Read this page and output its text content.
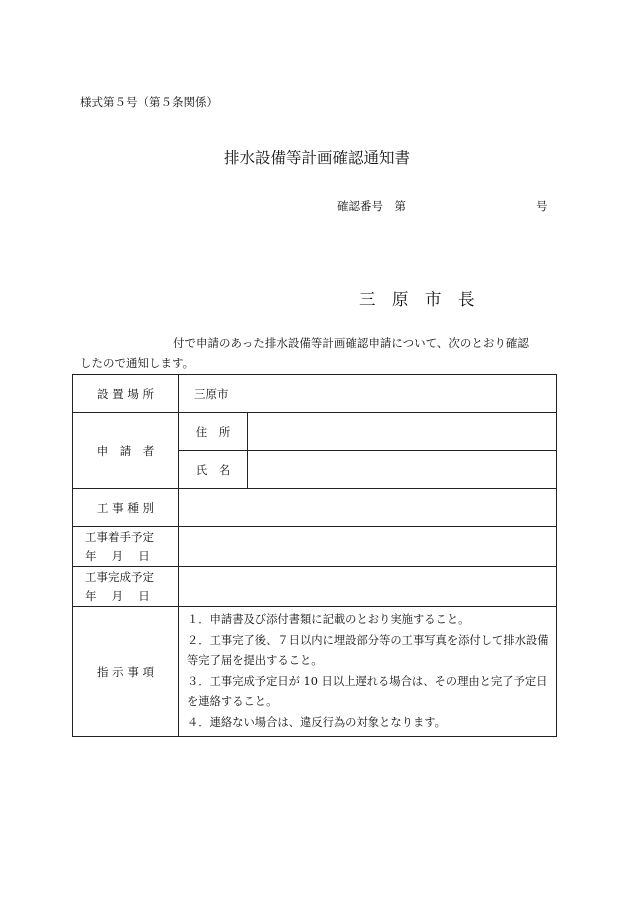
様式第５号（第５条関係）
排水設備等計画確認通知書
確認番号　第	号
三　原　市　長
付で申請のあった排水設備等計画確認申請について、次のとおり確認
したので通知します。
設 置 場 所	三原市	
申　請　者	住　所	
	氏　名	
工 事 種 別		

工事着手予定
年　 月　 日		

工事完成予定
年　 月　 日		

指 示 事 項	１．申請書及び添付書類に記載のとおり実施すること。
２．工事完了後、７日以内に埋設部分等の工事写真を添付して排水設備等完了届を提出すること。
３．工事完成予定日が 10 日以上遅れる場合は、その理由と完了予定日を連絡すること。
４．連絡ない場合は、違反行為の対象となります。	
